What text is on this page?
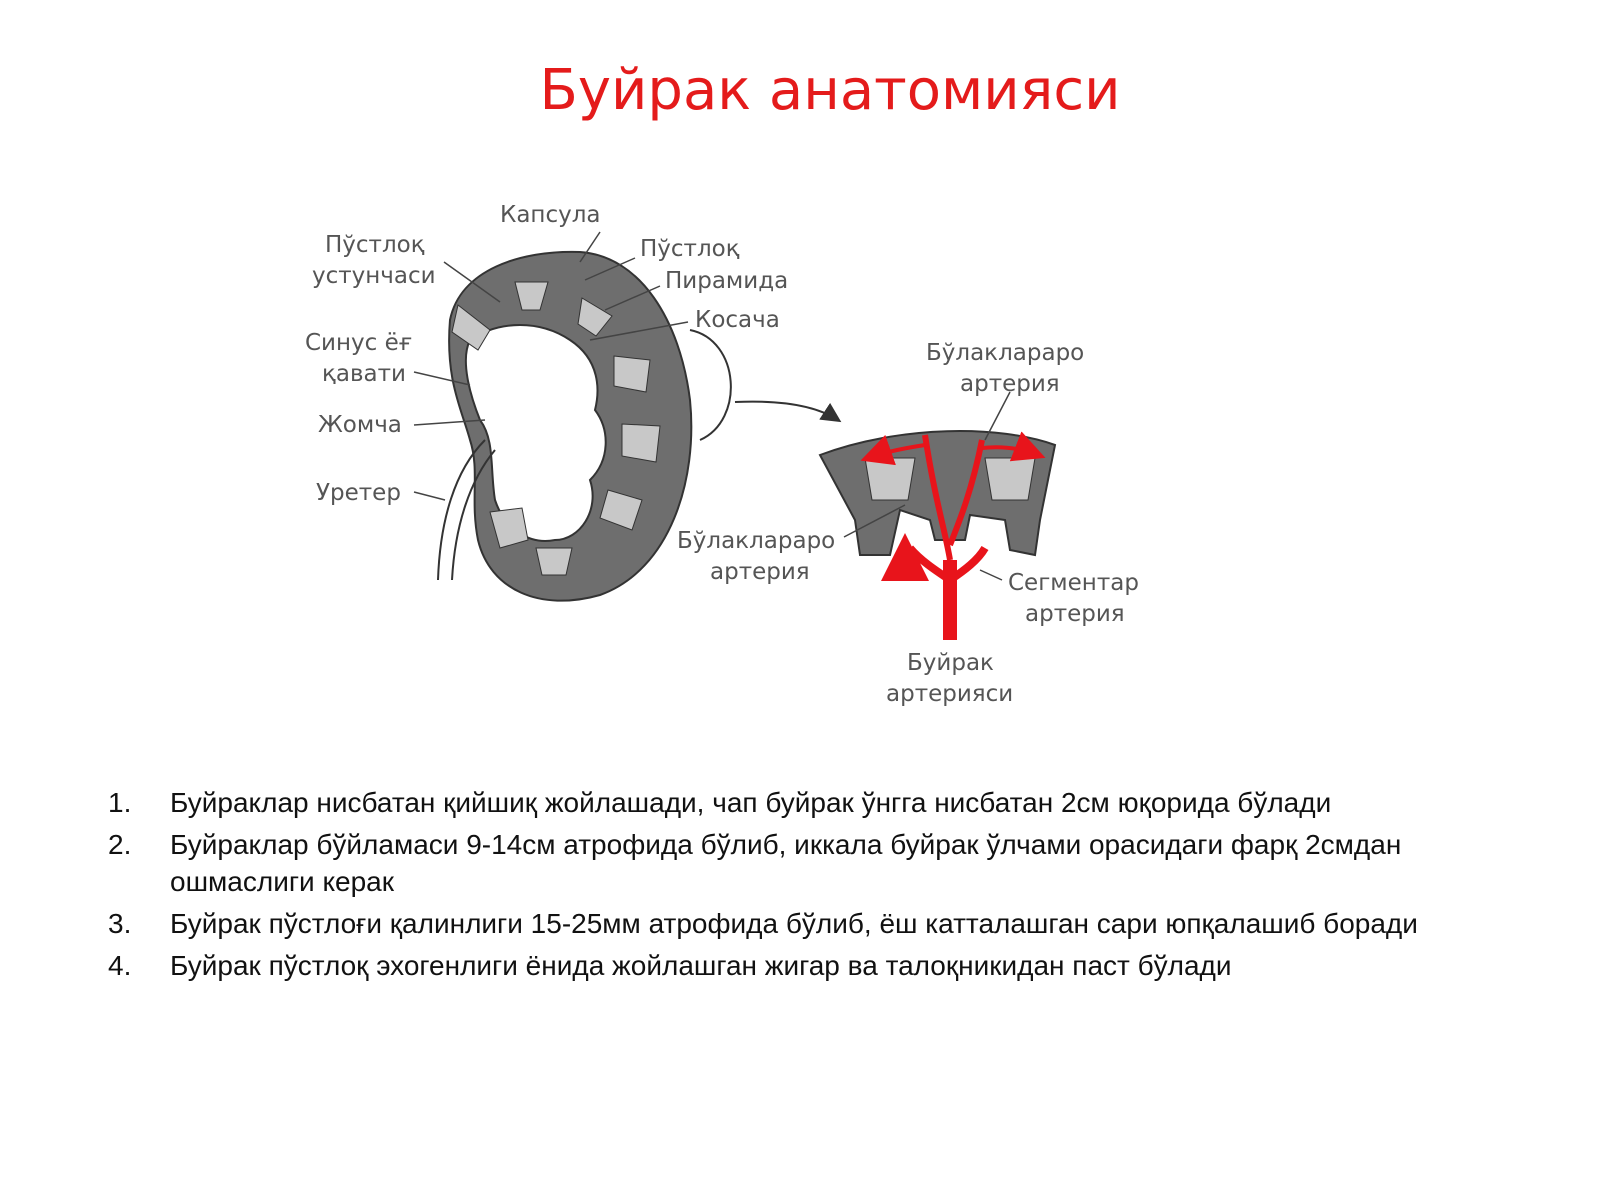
Буйрак анатомияси
Капсула
Пўстлоқ
устунчаси
Пўстлоқ
Пирамида
Косача
Синус ёғ
қавати
Жомча
Уретер
Бўлаклараро
артерия
Бўлаклараро
артерия
Сегментар
артерия
Буйрак
артерияси
1. Буйраклар нисбатан қийшиқ жойлашади, чап буйрак ўнгга нисбатан 2см юқорида бўлади
2. Буйраклар бўйламаси 9-14см атрофида бўлиб, иккала буйрак ўлчами орасидаги фарқ 2смдан ошмаслиги керак
3. Буйрак пўстлоғи қалинлиги 15-25мм атрофида бўлиб, ёш катталашган сари юпқалашиб боради
4. Буйрак пўстлоқ эхогенлиги ёнида жойлашган жигар ва талоқникидан паст бўлади
